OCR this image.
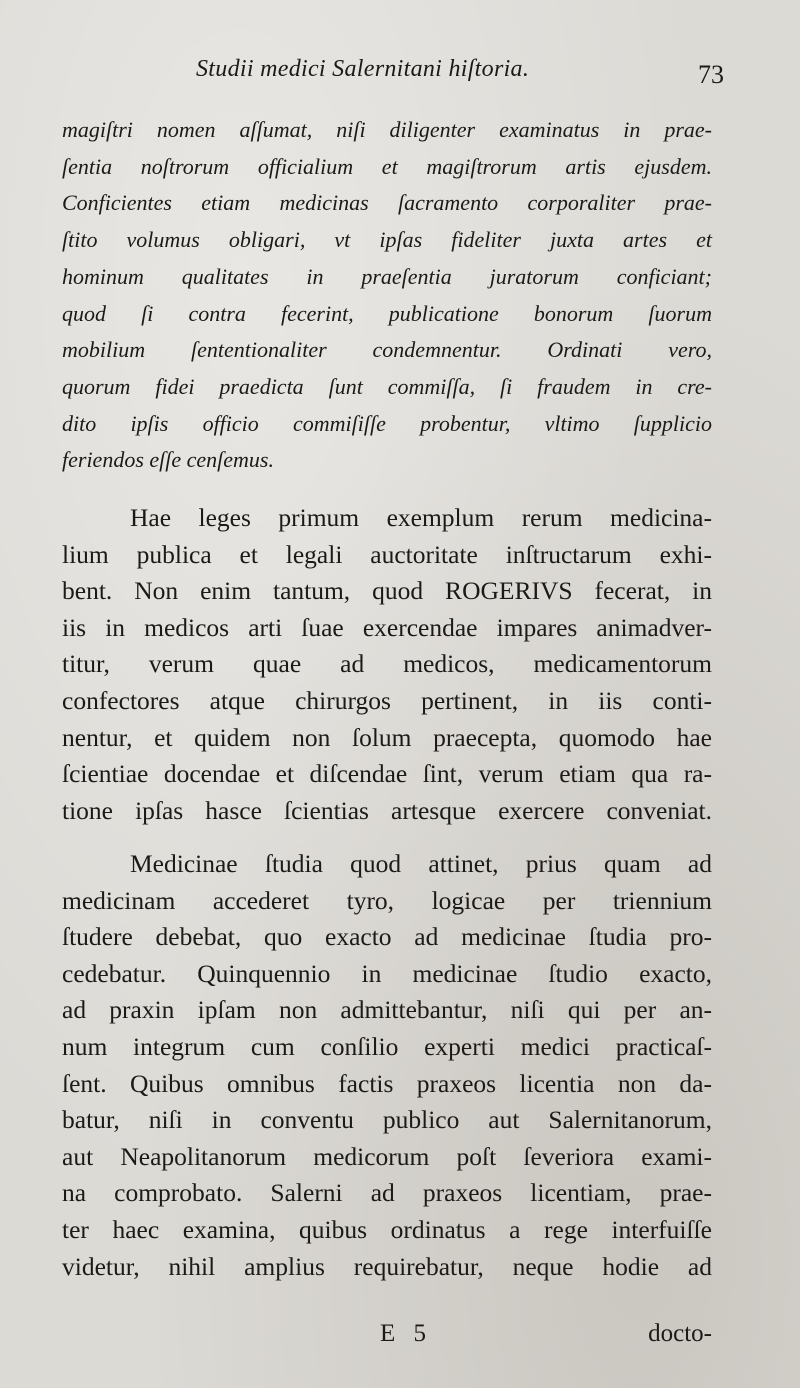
Studii medici Salernitani hiſtoria.	73

magiſtri nomen aſſumat, niſi diligenter examinatus in prae-
ſentia noſtrorum officialium et magiſtrorum artis ejusdem.
Conficientes etiam medicinas ſacramento corporaliter prae-
ſtito volumus obligari, vt ipſas fideliter juxta artes et
hominum qualitates in praeſentia juratorum conficiant;
quod ſi contra fecerint, publicatione bonorum ſuorum
mobilium ſententionaliter condemnentur. Ordinati vero,
quorum fidei praedicta ſunt commiſſa, ſi fraudem in cre-
dito ipſis officio commiſiſſe probentur, vltimo ſupplicio
feriendos eſſe cenſemus.

Hae leges primum exemplum rerum medicina-
lium publica et legali auctoritate inſtructarum exhi-
bent. Non enim tantum, quod ROGERIVS fecerat, in
iis in medicos arti ſuae exercendae impares animadver-
titur, verum quae ad medicos, medicamentorum
confectores atque chirurgos pertinent, in iis conti-
nentur, et quidem non ſolum praecepta, quomodo hae
ſcientiae docendae et diſcendae ſint, verum etiam qua ra-
tione ipſas hasce ſcientias artesque exercere conveniat.

Medicinae ſtudia quod attinet, prius quam ad
medicinam accederet tyro, logicae per triennium
ſtudere debebat, quo exacto ad medicinae ſtudia pro-
cedebatur. Quinquennio in medicinae ſtudio exacto,
ad praxin ipſam non admittebantur, niſi qui per an-
num integrum cum conſilio experti medici practicaſ-
ſent. Quibus omnibus factis praxeos licentia non da-
batur, niſi in conventu publico aut Salernitanorum,
aut Neapolitanorum medicorum poſt ſeveriora exami-
na comprobato. Salerni ad praxeos licentiam, prae-
ter haec examina, quibus ordinatus a rege interfuiſſe
videtur, nihil amplius requirebatur, neque hodie ad

E 5	docto-
